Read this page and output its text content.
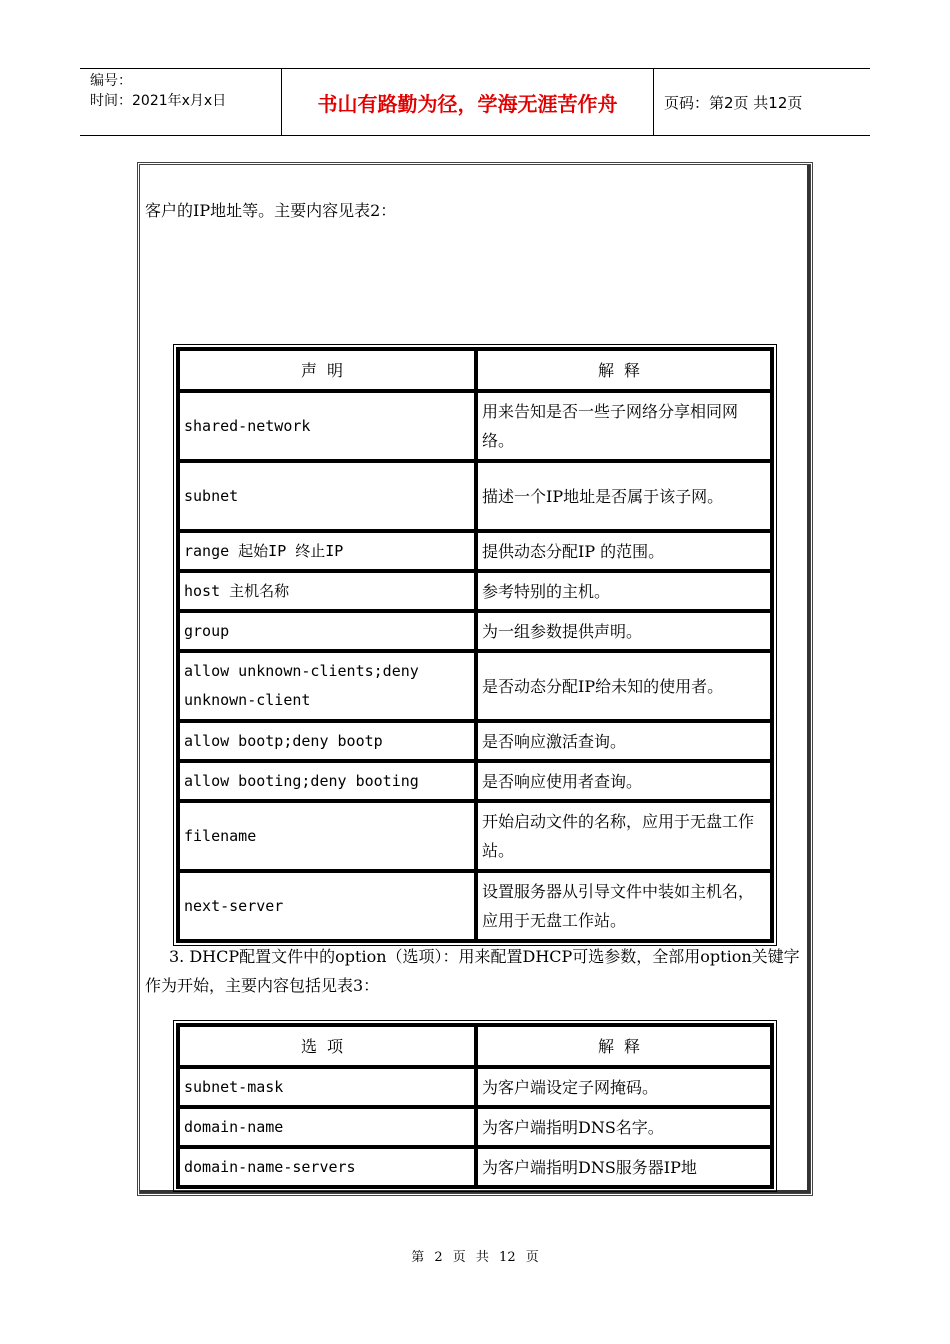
编号：
时间：2021年x月x日	书山有路勤为径，学海无涯苦作舟	页码：第2页 共12页
客户的IP地址等。主要内容见表2：
声明	解释
shared-network	用来告知是否一些子网络分享相同网络。
subnet	描述一个IP地址是否属于该子网。
range 起始IP 终止IP	提供动态分配IP 的范围。
host 主机名称	参考特别的主机。
group	为一组参数提供声明。
allow unknown-clients;deny unknown-client	是否动态分配IP给未知的使用者。
allow bootp;deny bootp	是否响应激活查询。
allow booting;deny booting	是否响应使用者查询。
filename	开始启动文件的名称，应用于无盘工作站。
next-server	设置服务器从引导文件中装如主机名，应用于无盘工作站。
3. DHCP配置文件中的option（选项）：用来配置DHCP可选参数，全部用option关键字作为开始，主要内容包括见表3：
选项	解释
subnet-mask	为客户端设定子网掩码。
domain-name	为客户端指明DNS名字。
domain-name-servers	为客户端指明DNS服务器IP地
第 2 页 共 12 页
